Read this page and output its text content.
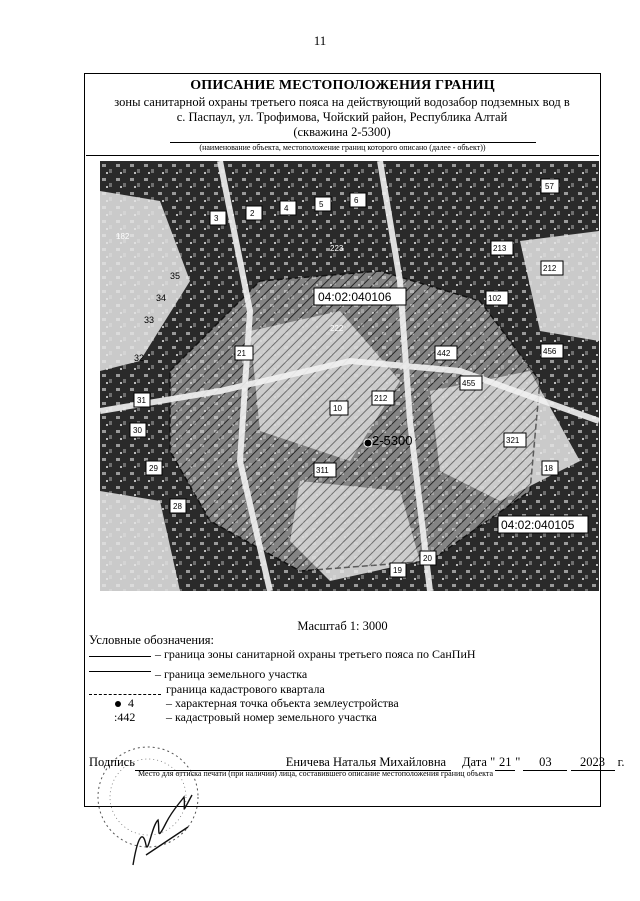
11
ОПИСАНИЕ МЕСТОПОЛОЖЕНИЯ ГРАНИЦ
зоны санитарной охраны третьего пояса на действующий водозабор подземных вод в
с. Паспаул, ул. Трофимова, Чойский район, Республика Алтай
(скважина 2-5300)
(наименование объекта, местоположение границ которого описано (далее - объект))
04:02:040106
04:02:040105
2-5300
3
2
4	5	6
57
213
212
21
31
30
29
28
10
212
455
321
18
20
19
311
442	456
102
182
222
223
35
34
33
32
Масштаб 1: 3000
Условные обозначения:
– граница зоны санитарной охраны третьего пояса по СанПиН
– граница земельного участка
граница кадастрового квартала
4	– характерная точка объекта землеустройства
:442	– кадастровый номер земельного участка
Подпись	Еничева Наталья Михайловна Дата " 21 " 03 2023 г.
Место для оттиска печати (при наличии) лица, составившего описание местоположения границ объекта
